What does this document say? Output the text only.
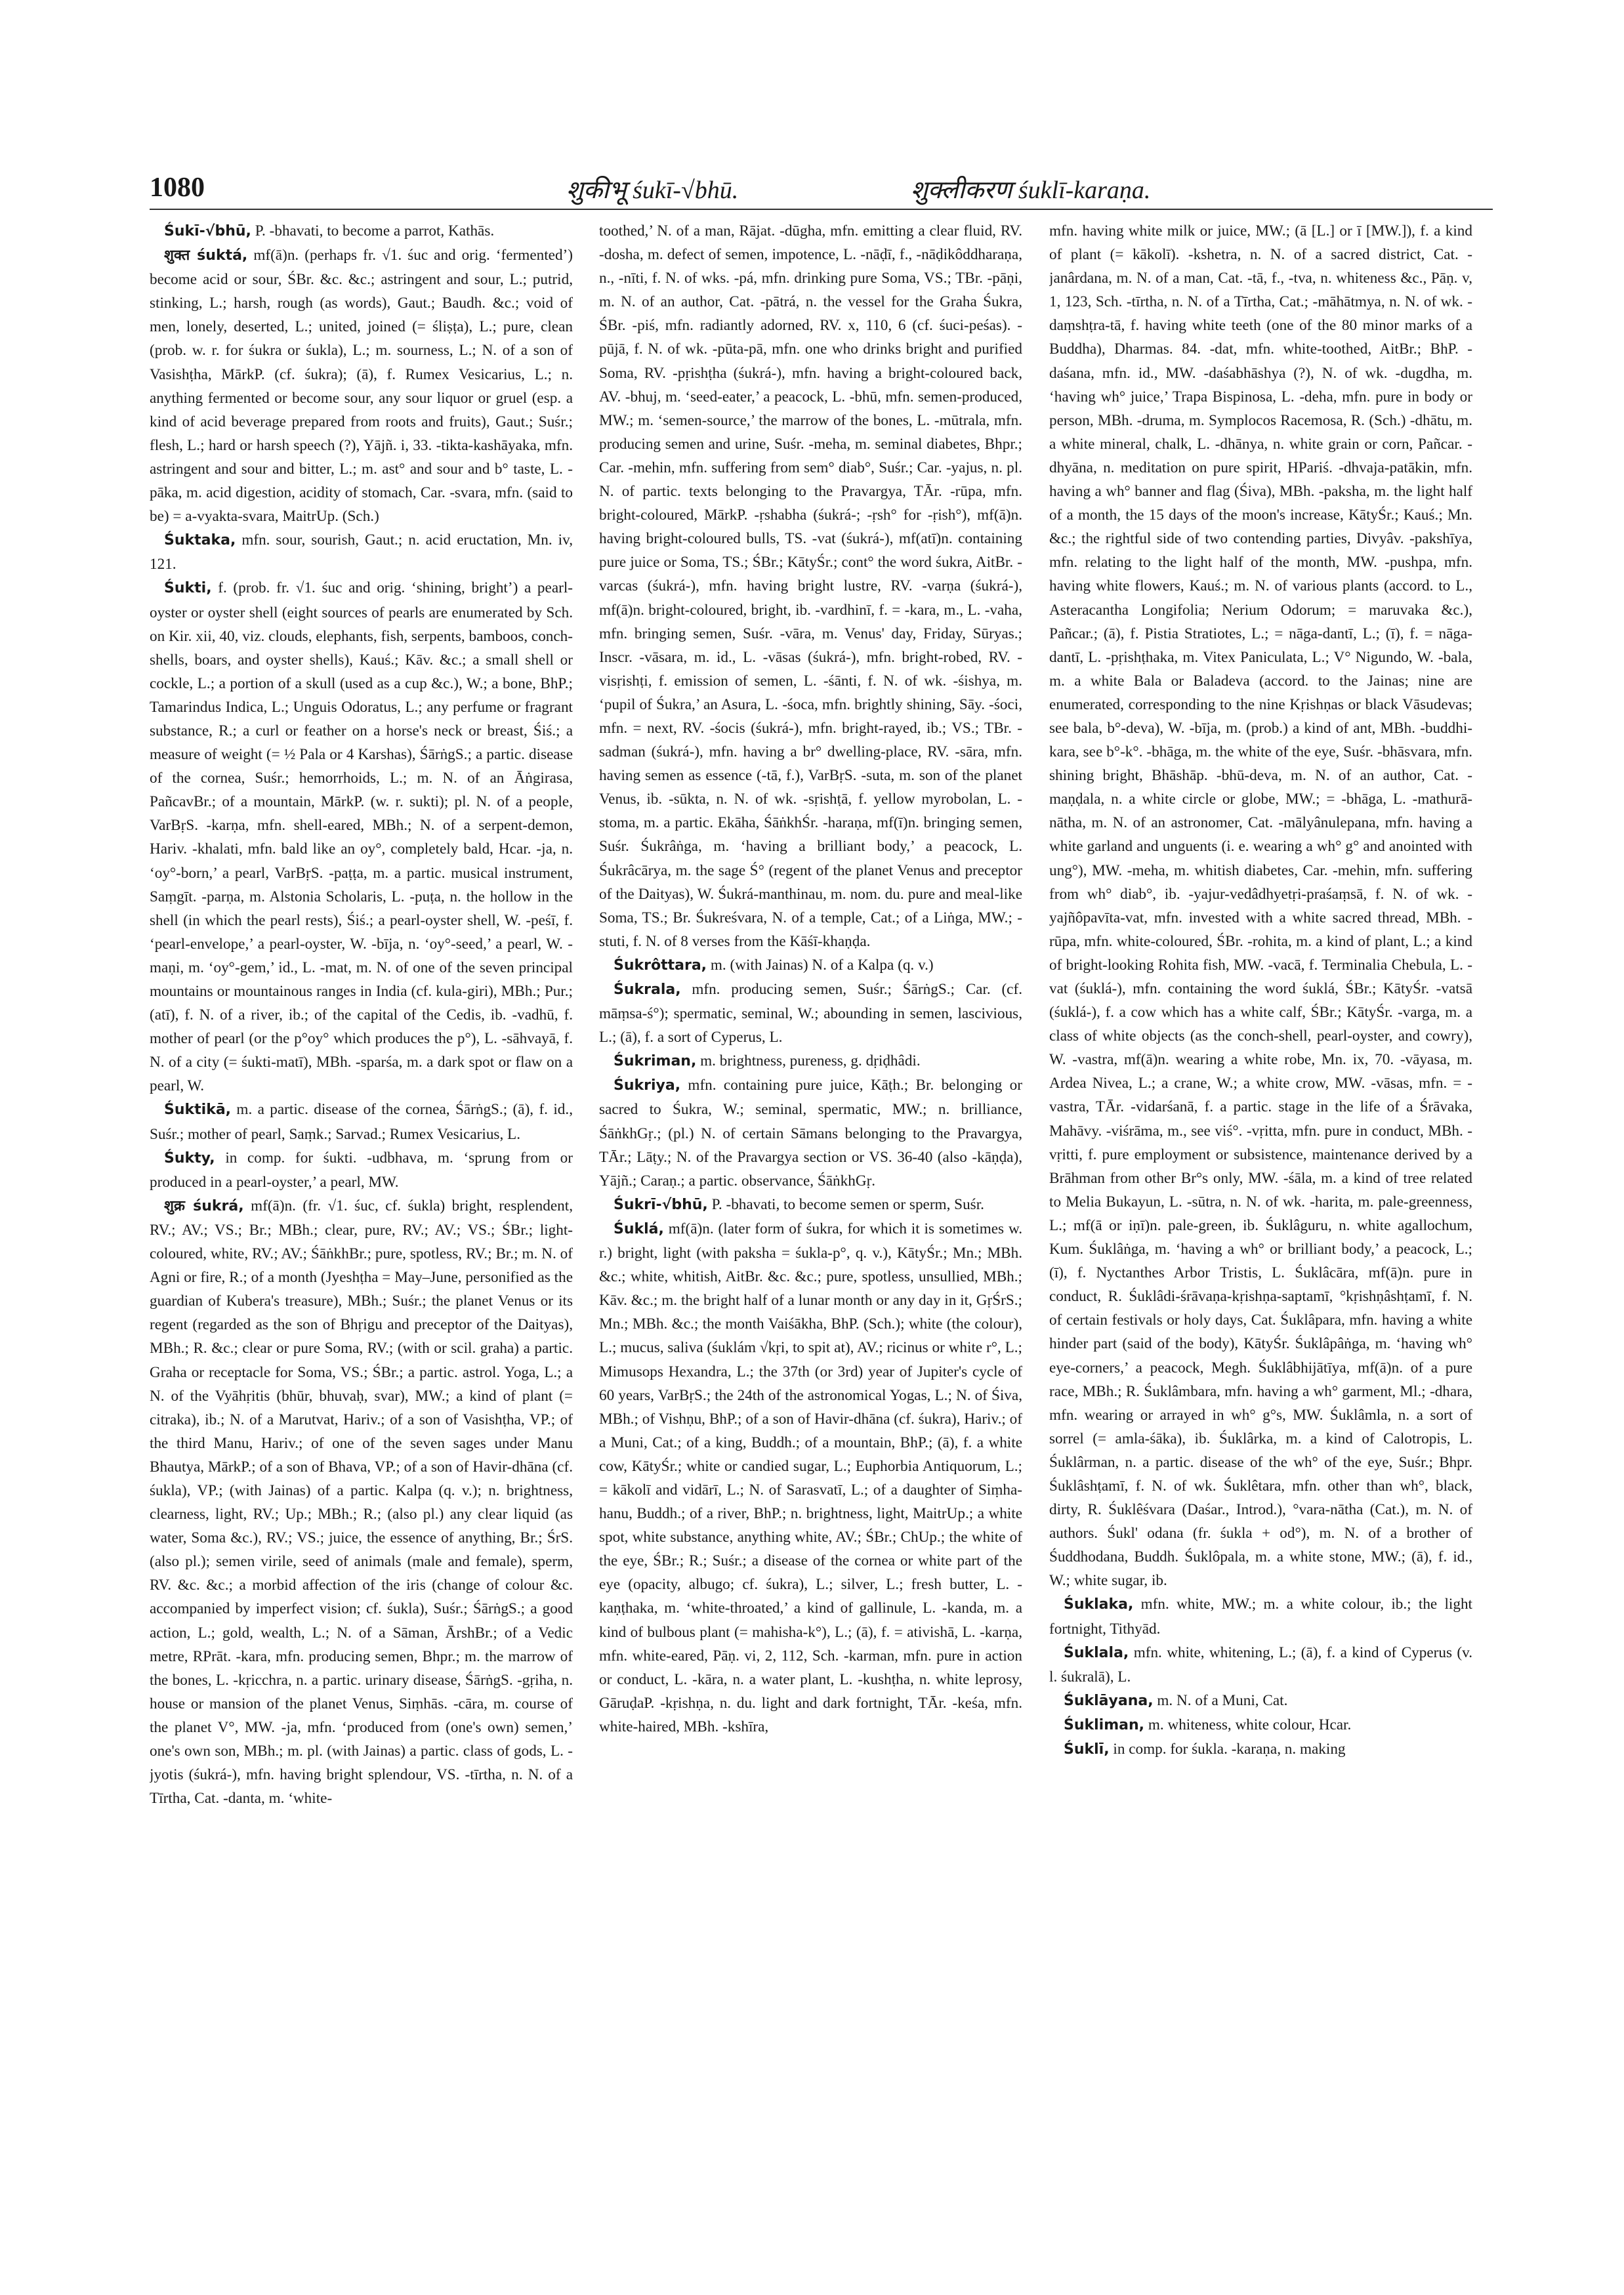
1080	शुकीभू śukī-√bhū.	शुक्लीकरण śuklī-karaṇa.

Śukī-√bhū, P. -bhavati, to become a parrot, Kathās.

शुक्त śuktá, mf(ā)n. (perhaps fr. √1. śuc and orig. ‘fermented’) become acid or sour, ŚBr. &c. &c.; astringent and sour, L.; putrid, stinking, L.; harsh, rough (as words), Gaut.; Baudh. &c.; void of men, lonely, deserted, L.; united, joined (= śliṣṭa), L.; pure, clean (prob. w. r. for śukra or śukla), L.; m. sourness, L.; N. of a son of Vasishṭha, MārkP. (cf. śukra); (ā), f. Rumex Vesicarius, L.; n. anything fermented or become sour, any sour liquor or gruel (esp. a kind of acid beverage prepared from roots and fruits), Gaut.; Suśr.; flesh, L.; hard or harsh speech (?), Yājñ. i, 33. -tikta-kashāyaka, mfn. astringent and sour and bitter, L.; m. ast° and sour and b° taste, L. -pāka, m. acid digestion, acidity of stomach, Car. -svara, mfn. (said to be) = a-vyakta-svara, MaitrUp. (Sch.)

Śuktaka, mfn. sour, sourish, Gaut.; n. acid eructation, Mn. iv, 121.

Śukti, f. (prob. fr. √1. śuc and orig. ‘shining, bright’) a pearl-oyster or oyster shell (eight sources of pearls are enumerated by Sch. on Kir. xii, 40, viz. clouds, elephants, fish, serpents, bamboos, conch-shells, boars, and oyster shells), Kauś.; Kāv. &c.; a small shell or cockle, L.; a portion of a skull (used as a cup &c.), W.; a bone, BhP.; Tamarindus Indica, L.; Unguis Odoratus, L.; any perfume or fragrant substance, R.; a curl or feather on a horse's neck or breast, Śiś.; a measure of weight (= ½ Pala or 4 Karshas), ŚārṅgS.; a partic. disease of the cornea, Suśr.; hemorrhoids, L.; m. N. of an Āṅgirasa, PañcavBr.; of a mountain, MārkP. (w. r. sukti); pl. N. of a people, VarBṛS. -karṇa, mfn. shell-eared, MBh.; N. of a serpent-demon, Hariv. -khalati, mfn. bald like an oy°, completely bald, Hcar. -ja, n. ‘oy°-born,’ a pearl, VarBṛS. -paṭṭa, m. a partic. musical instrument, Saṃgīt. -parṇa, m. Alstonia Scholaris, L. -puṭa, n. the hollow in the shell (in which the pearl rests), Śiś.; a pearl-oyster shell, W. -peśī, f. ‘pearl-envelope,’ a pearl-oyster, W. -bīja, n. ‘oy°-seed,’ a pearl, W. -maṇi, m. ‘oy°-gem,’ id., L. -mat, m. N. of one of the seven principal mountains or mountainous ranges in India (cf. kula-giri), MBh.; Pur.; (atī), f. N. of a river, ib.; of the capital of the Cedis, ib. -vadhū, f. mother of pearl (or the p°oy° which produces the p°), L. -sāhvayā, f. N. of a city (= śukti-matī), MBh. -sparśa, m. a dark spot or flaw on a pearl, W.

Śuktikā, m. a partic. disease of the cornea, ŚārṅgS.; (ā), f. id., Suśr.; mother of pearl, Saṃk.; Sarvad.; Rumex Vesicarius, L.

Śukty, in comp. for śukti. -udbhava, m. ‘sprung from or produced in a pearl-oyster,’ a pearl, MW.

शुक्र śukrá, mf(ā)n. (fr. √1. śuc, cf. śukla) bright, resplendent, RV.; AV.; VS.; Br.; MBh.; clear, pure, RV.; AV.; VS.; ŚBr.; light-coloured, white, RV.; AV.; ŚāṅkhBr.; pure, spotless, RV.; Br.; m. N. of Agni or fire, R.; of a month (Jyeshṭha = May–June, personified as the guardian of Kubera's treasure), MBh.; Suśr.; the planet Venus or its regent (regarded as the son of Bhṛigu and preceptor of the Daityas), MBh.; R. &c.; clear or pure Soma, RV.; (with or scil. graha) a partic. Graha or receptacle for Soma, VS.; ŚBr.; a partic. astrol. Yoga, L.; a N. of the Vyāhṛitis (bhūr, bhuvaḥ, svar), MW.; a kind of plant (= citraka), ib.; N. of a Marutvat, Hariv.; of a son of Vasishṭha, VP.; of the third Manu, Hariv.; of one of the seven sages under Manu Bhautya, MārkP.; of a son of Bhava, VP.; of a son of Havir-dhāna (cf. śukla), VP.; (with Jainas) of a partic. Kalpa (q. v.); n. brightness, clearness, light, RV.; Up.; MBh.; R.; (also pl.) any clear liquid (as water, Soma &c.), RV.; VS.; juice, the essence of anything, Br.; ŚrS. (also pl.); semen virile, seed of animals (male and female), sperm, RV. &c. &c.; a morbid affection of the iris (change of colour &c. accompanied by imperfect vision; cf. śukla), Suśr.; ŚārṅgS.; a good action, L.; gold, wealth, L.; N. of a Sāman, ĀrshBr.; of a Vedic metre, RPrāt. -kara, mfn. producing semen, Bhpr.; m. the marrow of the bones, L. -kṛicchra, n. a partic. urinary disease, ŚārṅgS. -gṛiha, n. house or mansion of the planet Venus, Siṃhās. -cāra, m. course of the planet V°, MW. -ja, mfn. ‘produced from (one's own) semen,’ one's own son, MBh.; m. pl. (with Jainas) a partic. class of gods, L. -jyotis (śukrá-), mfn. having bright splendour, VS. -tīrtha, n. N. of a Tīrtha, Cat. -danta, m. ‘white-

toothed,’ N. of a man, Rājat. -dūgha, mfn. emitting a clear fluid, RV. -dosha, m. defect of semen, impotence, L. -nāḍī, f., -nāḍikôddharaṇa, n., -nīti, f. N. of wks. -pá, mfn. drinking pure Soma, VS.; TBr. -pāṇi, m. N. of an author, Cat. -pātrá, n. the vessel for the Graha Śukra, ŚBr. -piś, mfn. radiantly adorned, RV. x, 110, 6 (cf. śuci-peśas). -pūjā, f. N. of wk. -pūta-pā, mfn. one who drinks bright and purified Soma, RV. -pṛishṭha (śukrá-), mfn. having a bright-coloured back, AV. -bhuj, m. ‘seed-eater,’ a peacock, L. -bhū, mfn. semen-produced, MW.; m. ‘semen-source,’ the marrow of the bones, L. -mūtrala, mfn. producing semen and urine, Suśr. -meha, m. seminal diabetes, Bhpr.; Car. -mehin, mfn. suffering from sem° diab°, Suśr.; Car. -yajus, n. pl. N. of partic. texts belonging to the Pravargya, TĀr. -rūpa, mfn. bright-coloured, MārkP. -ṛshabha (śukrá-; -ṛsh° for -ṛish°), mf(ā)n. having bright-coloured bulls, TS. -vat (śukrá-), mf(atī)n. containing pure juice or Soma, TS.; ŚBr.; KātyŚr.; cont° the word śukra, AitBr. -varcas (śukrá-), mfn. having bright lustre, RV. -varṇa (śukrá-), mf(ā)n. bright-coloured, bright, ib. -vardhinī, f. = -kara, m., L. -vaha, mfn. bringing semen, Suśr. -vāra, m. Venus' day, Friday, Sūryas.; Inscr. -vāsara, m. id., L. -vāsas (śukrá-), mfn. bright-robed, RV. -visṛishṭi, f. emission of semen, L. -śānti, f. N. of wk. -śishya, m. ‘pupil of Śukra,’ an Asura, L. -śoca, mfn. brightly shining, Sāy. -śoci, mfn. = next, RV. -śocis (śukrá-), mfn. bright-rayed, ib.; VS.; TBr. -sadman (śukrá-), mfn. having a br° dwelling-place, RV. -sāra, mfn. having semen as essence (-tā, f.), VarBṛS. -suta, m. son of the planet Venus, ib. -sūkta, n. N. of wk. -sṛishṭā, f. yellow myrobolan, L. -stoma, m. a partic. Ekāha, ŚāṅkhŚr. -haraṇa, mf(ī)n. bringing semen, Suśr. Śukrâṅga, m. ‘having a brilliant body,’ a peacock, L. Śukrâcārya, m. the sage Ś° (regent of the planet Venus and preceptor of the Daityas), W. Śukrá-manthinau, m. nom. du. pure and meal-like Soma, TS.; Br. Śukreśvara, N. of a temple, Cat.; of a Liṅga, MW.; -stuti, f. N. of 8 verses from the Kāśī-khaṇḍa.

Śukrôttara, m. (with Jainas) N. of a Kalpa (q. v.)

Śukrala, mfn. producing semen, Suśr.; ŚārṅgS.; Car. (cf. māṃsa-ś°); spermatic, seminal, W.; abounding in semen, lascivious, L.; (ā), f. a sort of Cyperus, L.

Śukriman, m. brightness, pureness, g. dṛiḍhâdi.

Śukriya, mfn. containing pure juice, Kāṭh.; Br. belonging or sacred to Śukra, W.; seminal, spermatic, MW.; n. brilliance, ŚāṅkhGṛ.; (pl.) N. of certain Sāmans belonging to the Pravargya, TĀr.; Lāṭy.; N. of the Pravargya section or VS. 36-40 (also -kāṇḍa), Yājñ.; Caraṇ.; a partic. observance, ŚāṅkhGṛ.

Śukrī-√bhū, P. -bhavati, to become semen or sperm, Suśr.

Śuklá, mf(ā)n. (later form of śukra, for which it is sometimes w. r.) bright, light (with paksha = śukla-p°, q. v.), KātyŚr.; Mn.; MBh. &c.; white, whitish, AitBr. &c. &c.; pure, spotless, unsullied, MBh.; Kāv. &c.; m. the bright half of a lunar month or any day in it, GṛŚrS.; Mn.; MBh. &c.; the month Vaiśākha, BhP. (Sch.); white (the colour), L.; mucus, saliva (śuklám √kṛi, to spit at), AV.; ricinus or white r°, L.; Mimusops Hexandra, L.; the 37th (or 3rd) year of Jupiter's cycle of 60 years, VarBṛS.; the 24th of the astronomical Yogas, L.; N. of Śiva, MBh.; of Vishṇu, BhP.; of a son of Havir-dhāna (cf. śukra), Hariv.; of a Muni, Cat.; of a king, Buddh.; of a mountain, BhP.; (ā), f. a white cow, KātyŚr.; white or candied sugar, L.; Euphorbia Antiquorum, L.; = kākolī and vidārī, L.; N. of Sarasvatī, L.; of a daughter of Siṃha-hanu, Buddh.; of a river, BhP.; n. brightness, light, MaitrUp.; a white spot, white substance, anything white, AV.; ŚBr.; ChUp.; the white of the eye, ŚBr.; R.; Suśr.; a disease of the cornea or white part of the eye (opacity, albugo; cf. śukra), L.; silver, L.; fresh butter, L. -kaṇṭhaka, m. ‘white-throated,’ a kind of gallinule, L. -kanda, m. a kind of bulbous plant (= mahisha-k°), L.; (ā), f. = ativishā, L. -karṇa, mfn. white-eared, Pāṇ. vi, 2, 112, Sch. -karman, mfn. pure in action or conduct, L. -kāra, n. a water plant, L. -kushṭha, n. white leprosy, GāruḍaP. -kṛishṇa, n. du. light and dark fortnight, TĀr. -keśa, mfn. white-haired, MBh. -kshīra,

mfn. having white milk or juice, MW.; (ā [L.] or ī [MW.]), f. a kind of plant (= kākolī). -kshetra, n. N. of a sacred district, Cat. -janârdana, m. N. of a man, Cat. -tā, f., -tva, n. whiteness &c., Pāṇ. v, 1, 123, Sch. -tīrtha, n. N. of a Tīrtha, Cat.; -māhātmya, n. N. of wk. -daṃshṭra-tā, f. having white teeth (one of the 80 minor marks of a Buddha), Dharmas. 84. -dat, mfn. white-toothed, AitBr.; BhP. -daśana, mfn. id., MW. -daśabhāshya (?), N. of wk. -dugdha, m. ‘having wh° juice,’ Trapa Bispinosa, L. -deha, mfn. pure in body or person, MBh. -druma, m. Symplocos Racemosa, R. (Sch.) -dhātu, m. a white mineral, chalk, L. -dhānya, n. white grain or corn, Pañcar. -dhyāna, n. meditation on pure spirit, HPariś. -dhvaja-patākin, mfn. having a wh° banner and flag (Śiva), MBh. -paksha, m. the light half of a month, the 15 days of the moon's increase, KātyŚr.; Kauś.; Mn. &c.; the rightful side of two contending parties, Divyâv. -pakshīya, mfn. relating to the light half of the month, MW. -pushpa, mfn. having white flowers, Kauś.; m. N. of various plants (accord. to L., Asteracantha Longifolia; Nerium Odorum; = maruvaka &c.), Pañcar.; (ā), f. Pistia Stratiotes, L.; = nāga-dantī, L.; (ī), f. = nāga-dantī, L. -pṛishṭhaka, m. Vitex Paniculata, L.; V° Nigundo, W. -bala, m. a white Bala or Baladeva (accord. to the Jainas; nine are enumerated, corresponding to the nine Kṛishṇas or black Vāsudevas; see bala, b°-deva), W. -bīja, m. (prob.) a kind of ant, MBh. -buddhi-kara, see b°-k°. -bhāga, m. the white of the eye, Suśr. -bhāsvara, mfn. shining bright, Bhāshāp. -bhū-deva, m. N. of an author, Cat. -maṇḍala, n. a white circle or globe, MW.; = -bhāga, L. -mathurā-nātha, m. N. of an astronomer, Cat. -mālyânulepana, mfn. having a white garland and unguents (i. e. wearing a wh° g° and anointed with ung°), MW. -meha, m. whitish diabetes, Car. -mehin, mfn. suffering from wh° diab°, ib. -yajur-vedâdhyetṛi-praśaṃsā, f. N. of wk. -yajñôpavīta-vat, mfn. invested with a white sacred thread, MBh. -rūpa, mfn. white-coloured, ŚBr. -rohita, m. a kind of plant, L.; a kind of bright-looking Rohita fish, MW. -vacā, f. Terminalia Chebula, L. -vat (śuklá-), mfn. containing the word śuklá, ŚBr.; KātyŚr. -vatsā (śuklá-), f. a cow which has a white calf, ŚBr.; KātyŚr. -varga, m. a class of white objects (as the conch-shell, pearl-oyster, and cowry), W. -vastra, mf(ā)n. wearing a white robe, Mn. ix, 70. -vāyasa, m. Ardea Nivea, L.; a crane, W.; a white crow, MW. -vāsas, mfn. = -vastra, TĀr. -vidarśanā, f. a partic. stage in the life of a Śrāvaka, Mahāvy. -viśrāma, m., see viś°. -vṛitta, mfn. pure in conduct, MBh. -vṛitti, f. pure employment or subsistence, maintenance derived by a Brāhman from other Br°s only, MW. -śāla, m. a kind of tree related to Melia Bukayun, L. -sūtra, n. N. of wk. -harita, m. pale-greenness, L.; mf(ā or iṇī)n. pale-green, ib. Śuklâguru, n. white agallochum, Kum. Śuklâṅga, m. ‘having a wh° or brilliant body,’ a peacock, L.; (ī), f. Nyctanthes Arbor Tristis, L. Śuklâcāra, mf(ā)n. pure in conduct, R. Śuklâdi-śrāvaṇa-kṛishṇa-saptamī, °kṛishṇâshṭamī, f. N. of certain festivals or holy days, Cat. Śuklâpara, mfn. having a white hinder part (said of the body), KātyŚr. Śuklâpâṅga, m. ‘having wh° eye-corners,’ a peacock, Megh. Śuklâbhijātīya, mf(ā)n. of a pure race, MBh.; R. Śuklâmbara, mfn. having a wh° garment, Ml.; -dhara, mfn. wearing or arrayed in wh° g°s, MW. Śuklâmla, n. a sort of sorrel (= amla-śāka), ib. Śuklârka, m. a kind of Calotropis, L. Śuklârman, n. a partic. disease of the wh° of the eye, Suśr.; Bhpr. Śuklâshṭamī, f. N. of wk. Śuklêtara, mfn. other than wh°, black, dirty, R. Śuklêśvara (Daśar., Introd.), °vara-nātha (Cat.), m. N. of authors. Śukl' odana (fr. śukla + od°), m. N. of a brother of Śuddhodana, Buddh. Śuklôpala, m. a white stone, MW.; (ā), f. id., W.; white sugar, ib.

Śuklaka, mfn. white, MW.; m. a white colour, ib.; the light fortnight, Tithyād.

Śuklala, mfn. white, whitening, L.; (ā), f. a kind of Cyperus (v. l. śukralā), L.

Śuklāyana, m. N. of a Muni, Cat.

Śukliman, m. whiteness, white colour, Hcar.

Śuklī, in comp. for śukla. -karaṇa, n. making
